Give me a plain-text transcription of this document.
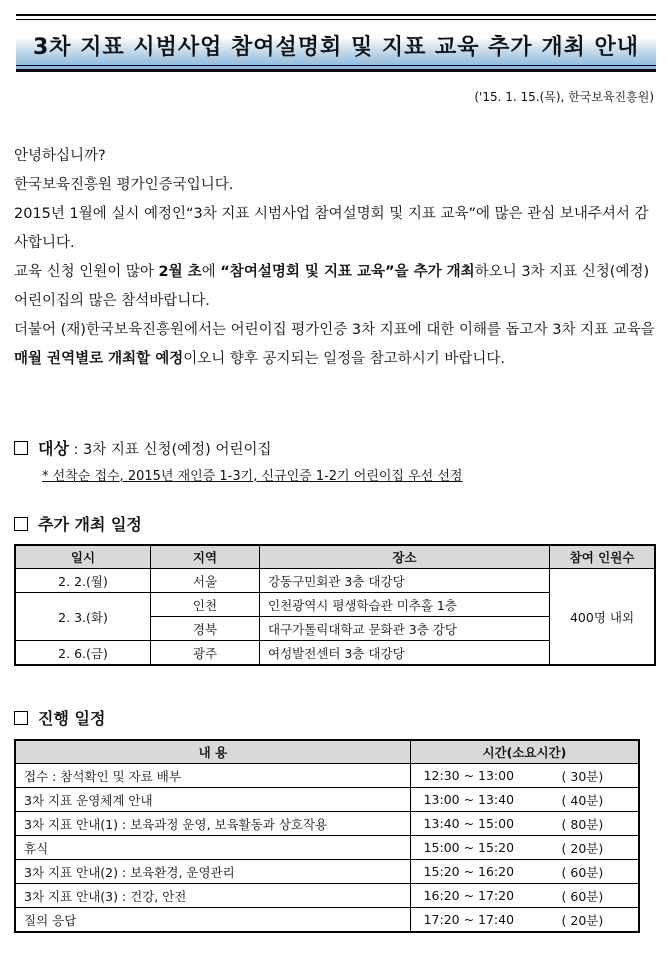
3차 지표 시범사업 참여설명회 및 지표 교육 추가 개최 안내
('15. 1. 15.(목), 한국보육진흥원)
안녕하십니까?
한국보육진흥원 평가인증국입니다.
2015년 1월에 실시 예정인“3차 지표 시범사업 참여설명회 및 지표 교육”에 많은 관심 보내주셔서 감사합니다.
교육 신청 인원이 많아 2월 초에 “참여설명회 및 지표 교육”을 추가 개최하오니 3차 지표 신청(예정) 어린이집의 많은 참석바랍니다.
더불어 (재)한국보육진흥원에서는 어린이집 평가인증 3차 지표에 대한 이해를 돕고자 3차 지표 교육을 매월 권역별로 개최할 예정이오니 향후 공지되는 일정을 참고하시기 바랍니다.
대상 : 3차 지표 신청(예정) 어린이집
* 선착순 접수, 2015년 재인증 1-3기, 신규인증 1-2기 어린이집 우선 선정
추가 개최 일정
일시	지역	장소	참여 인원수
2. 2.(월)	서울	강동구민회관 3층 대강당	400명 내외
2. 3.(화)	인천	인천광역시 평생학습관 미추홀 1층	
	경북	대구가톨릭대학교 문화관 3층 강당	
2. 6.(금)	광주	여성발전센터 3층 대강당	
진행 일정
내 용	시간(소요시간)	
접수 : 참석확인 및 자료 배부	12:30 ~ 13:00	( 30분)
3차 지표 운영체계 안내	13:00 ~ 13:40	( 40분)
3차 지표 안내(1) : 보육과정 운영, 보육활동과 상호작용	13:40 ~ 15:00	( 80분)
휴식	15:00 ~ 15:20	( 20분)
3차 지표 안내(2) : 보육환경, 운영관리	15:20 ~ 16:20	( 60분)
3차 지표 안내(3) : 건강, 안전	16:20 ~ 17:20	( 60분)
질의 응답	17:20 ~ 17:40	( 20분)
